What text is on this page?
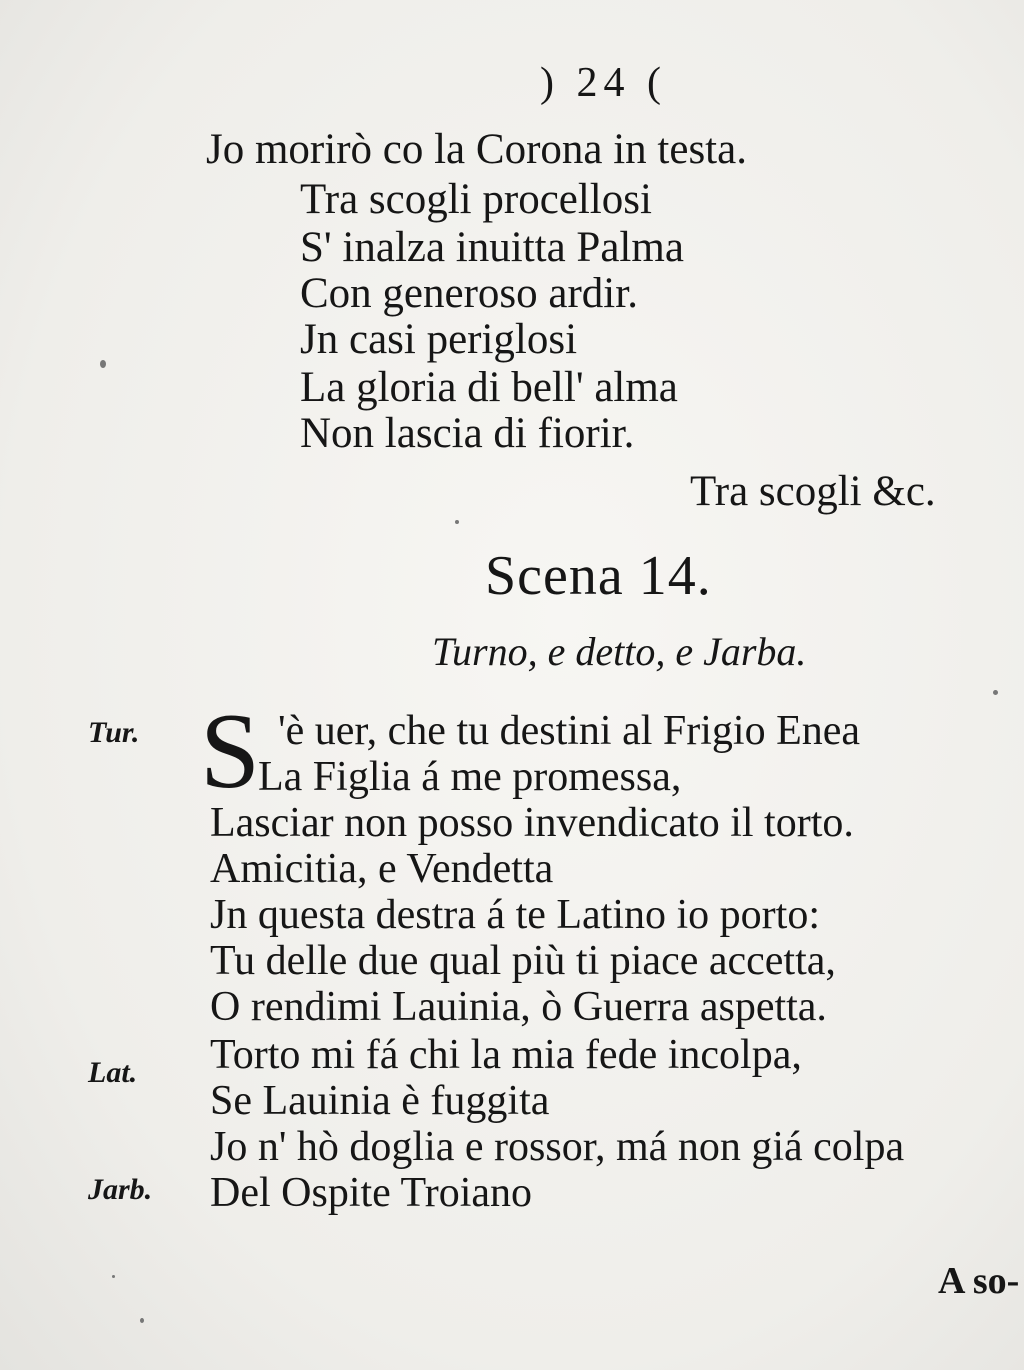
) 24 (
Jo morirò co la Corona in testa.
Tra scogli procellosi
S' inalza inuitta Palma
Con generoso ardir.
Jn casi periglosi
La gloria di bell' alma
Non lascia di fiorir.
Tra scogli &c.
Scena 14.
Turno, e detto, e Jarba.
Tur.
Lat.
Jarb.
S 'è uer, che tu destini al Frigio Enea
La Figlia á me promessa,
Lasciar non posso invendicato il torto.
Amicitia, e Vendetta
Jn questa destra á te Latino io porto:
Tu delle due qual più ti piace accetta,
O rendimi Lauinia, ò Guerra aspetta.
Torto mi fá chi la mia fede incolpa,
Se Lauinia è fuggita
Jo n' hò doglia e rossor, má non giá colpa
Del Ospite Troiano
A so-
